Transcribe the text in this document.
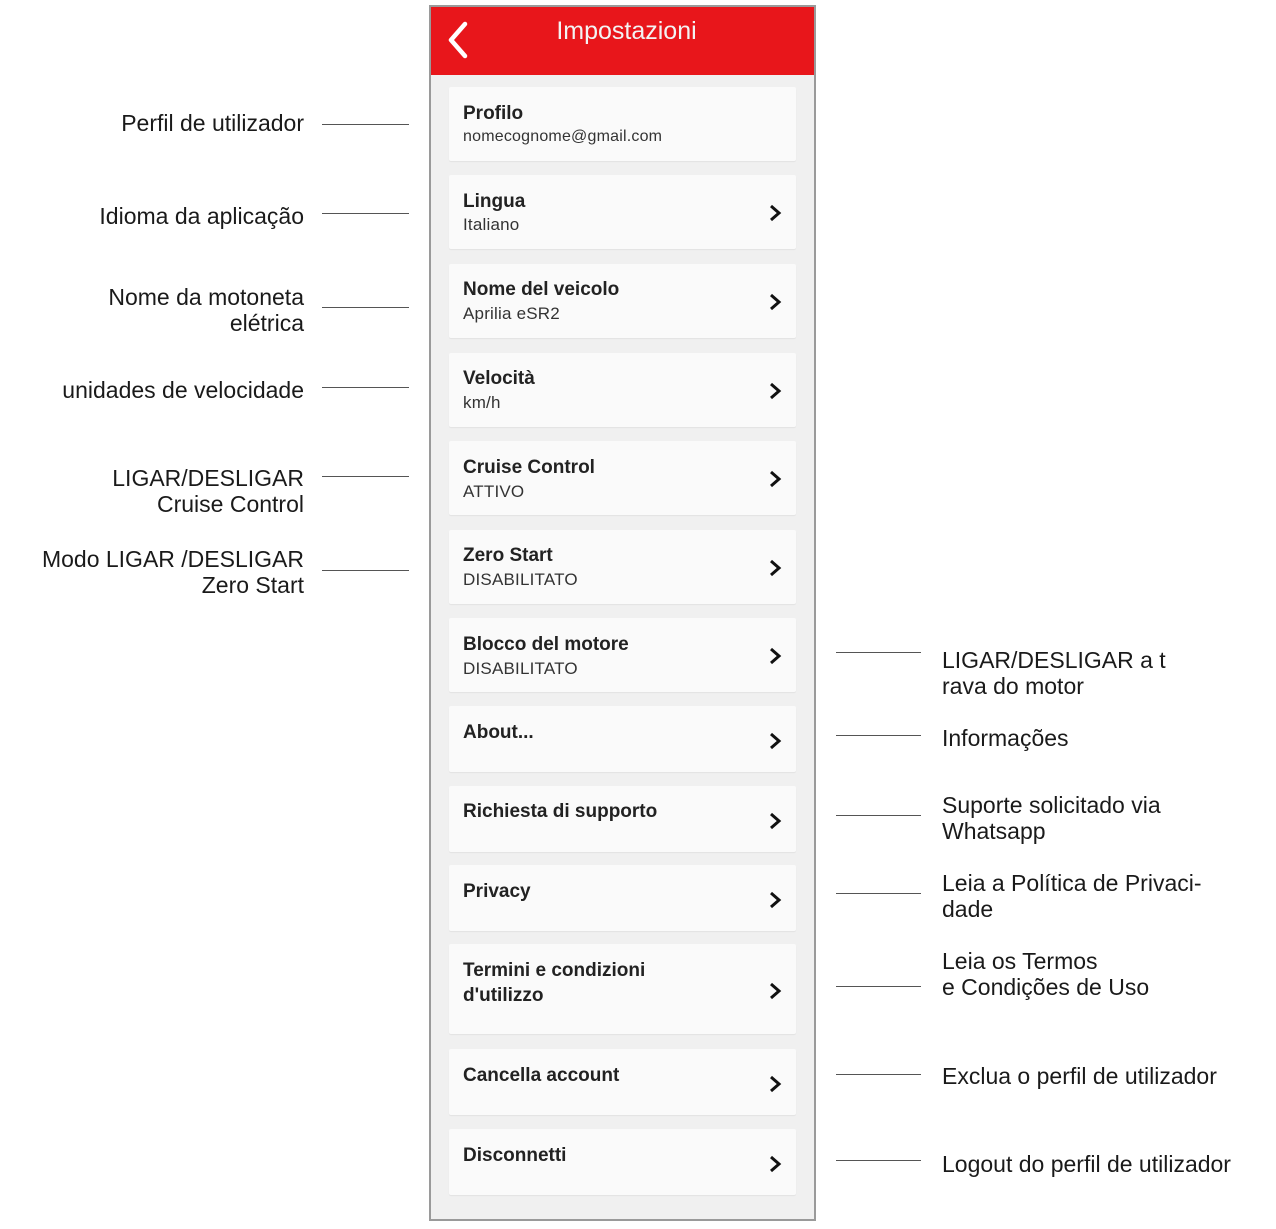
Impostazioni
Profilo
nomecognome@gmail.com
Lingua
Italiano
Nome del veicolo
Aprilia eSR2
Velocità
km/h
Cruise Control
ATTIVO
Zero Start
DISABILITATO
Blocco del motore
DISABILITATO
About...
Richiesta di supporto
Privacy
Termini e condizioni
d'utilizzo
Cancella account
Disconnetti
Perfil de utilizador
Idioma da aplicação
Nome da motoneta
elétrica
unidades de velocidade
LIGAR/DESLIGAR
Cruise Control
Modo LIGAR /DESLIGAR
Zero Start
LIGAR/DESLIGAR a t
rava do motor
Informações
Suporte solicitado via
Whatsapp
Leia a Política de Privaci-
dade
Leia os Termos
e Condições de Uso
Exclua o perfil de utilizador
Logout do perfil de utilizador
